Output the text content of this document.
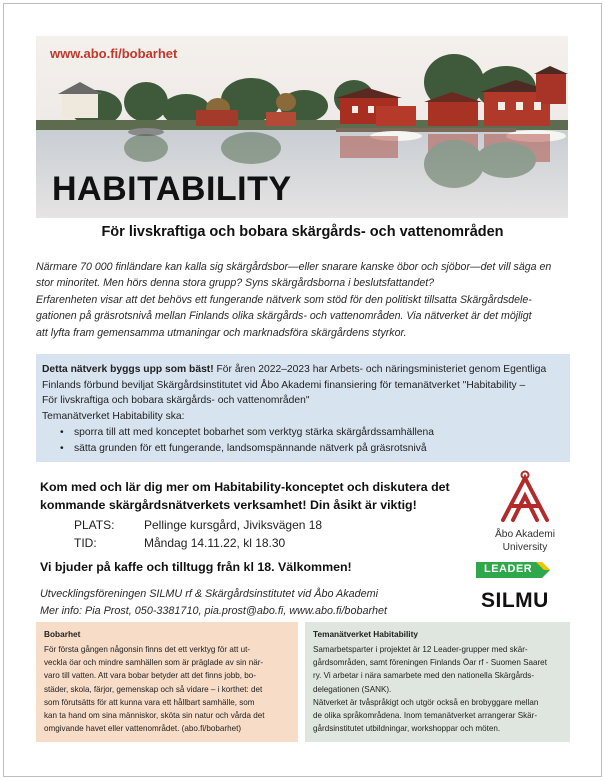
www.abo.fi/bobarhet
HABITABILITY
För livskraftiga och bobara skärgårds- och vattenområden

Närmare 70 000 finländare kan kalla sig skärgårdsbor—eller snarare kanske öbor och sjöbor—det vill säga en

stor minoritet. Men hörs denna stora grupp? Syns skärgårdsborna i beslutsfattandet?

Erfarenheten visar att det behövs ett fungerande nätverk som stöd för den politiskt tillsatta Skärgårdsdele-

gationen på gräsrotsnivå mellan Finlands olika skärgårds- och vattenområden. Via nätverket är det möjligt

att lyfta fram gemensamma utmaningar och marknadsföra skärgårdens styrkor.

Detta nätverk byggs upp som bäst! För åren 2022–2023 har Arbets- och näringsministeriet genom Egentliga
Finlands förbund beviljat Skärgårdsinstitutet vid Åbo Akademi finansiering för temanätverket "Habitability –
För livskraftiga och bobara skärgårds- och vattenområden"
Temanätverket Habitability ska:
• sporra till att med konceptet bobarhet som verktyg stärka skärgårdssamhällena
• sätta grunden för ett fungerande, landsomspännande nätverk på gräsrotsnivå
Kom med och lär dig mer om Habitability-konceptet och diskutera det
kommande skärgårdsnätverkets verksamhet! Din åsikt är viktig!
PLATS: Pellinge kursgård, Jiviksvägen 18
TID:	Måndag 14.11.22, kl 18.30
Vi bjuder på kaffe och tilltugg från kl 18. Välkommen!
Utvecklingsföreningen SILMU rf & Skärgårdsinstitutet vid Åbo Akademi
Mer info: Pia Prost, 050-3381710, pia.prost@abo.fi, www.abo.fi/bobarhet
Åbo Akademi
University
LEADER
SILMU
Bobarhet
För första gången någonsin finns det ett verktyg för att ut-
veckla öar och mindre samhällen som är präglade av sin när-
varo till vatten. Att vara bobar betyder att det finns jobb, bo-
städer, skola, färjor, gemenskap och så vidare – i korthet: det
som förutsätts för att kunna vara ett hållbart samhälle, som
kan ta hand om sina människor, sköta sin natur och vårda det
omgivande havet eller vattenområdet. (abo.fi/bobarhet)
Temanätverket Habitability
Samarbetsparter i projektet är 12 Leader-grupper med skär-
gårdsområden, samt föreningen Finlands Öar rf - Suomen Saaret
ry. Vi arbetar i nära samarbete med den nationella Skärgårds-
delegationen (SANK).
Nätverket är tvåspråkigt och utgör också en brobyggare mellan
de olika språkområdena. Inom temanätverket arrangerar Skär-
gårdsinstitutet utbildningar, workshoppar och möten.
